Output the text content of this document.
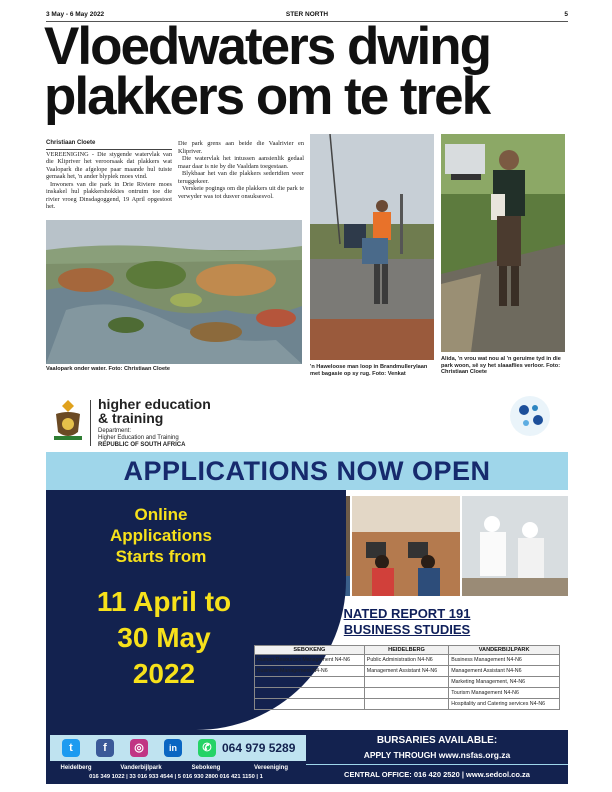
3 May - 6 May 2022	STER NORTH	5
Vloedwaters dwing
plakkers om te trek
Christiaan Cloete

VEREENIGING - Die stygende watervlak van die Klipriver het veroorsaak dat plakkers wat Vaalopark die afgelope paar maande hul tuiste gemaak het, 'n ander blyplek moes vind.

Inwoners van die park in Drie Riviere moes inskakel hul plakkershokkies ontruim toe die rivier vroeg Dinsdagoggend, 19 April opgestoot het.

Die park grens aan beide die Vaalrivier en Klipriver.

Die watervlak het intussen aansienlik gedaal maar daar is nie by die Vaaldam toegestaan.

Blykbaar het van die plakkers sedertdien weer teruggekeer.

Verskeie pogings om die plakkers uit die park te verwyder was tot dusver onsuksesvol.

Vaalopark onder water. Foto: Christiaan Cloete	'n Haweloose man loop in Brandmullerylaan met bagasie op sy rug. Foto: Venkat
Alida, 'n vrou wat nou al 'n geruime tyd in die park woon, sê sy het slaaaflies verloor. Foto: Christiaan Cloete
higher education
& training
Department:
Higher Education and Training
REPUBLIC OF SOUTH AFRICA
APPLICATIONS NOW OPEN
Online
Applications
Starts from
11 April to
30 May
2022
NATED REPORT 191
BUSINESS STUDIES
SEBOKENG	HEIDELBERG	VANDERBIJLPARK
Human Resources Management N4-N6	Public Administration N4-N6	Business Management N4-N6
Business Management N4-N6	Management Assistant N4-N6	Management Assistant N4-N6
		Marketing Management, N4-N6
		Tourism Management N4-N6
		Hospitality and Catering services N4-N6
t	f	◎	in	✆ 064 979 5289
Heidelberg	Vanderbijlpark	Sebokeng	Vereeniging
016 349 1022 | 33 016 933 4544 | 5 016 930 2800 016 421 1150 | 1
BURSARIES AVAILABLE:
APPLY THROUGH www.nsfas.org.za
CENTRAL OFFICE: 016 420 2520 | www.sedcol.co.za
